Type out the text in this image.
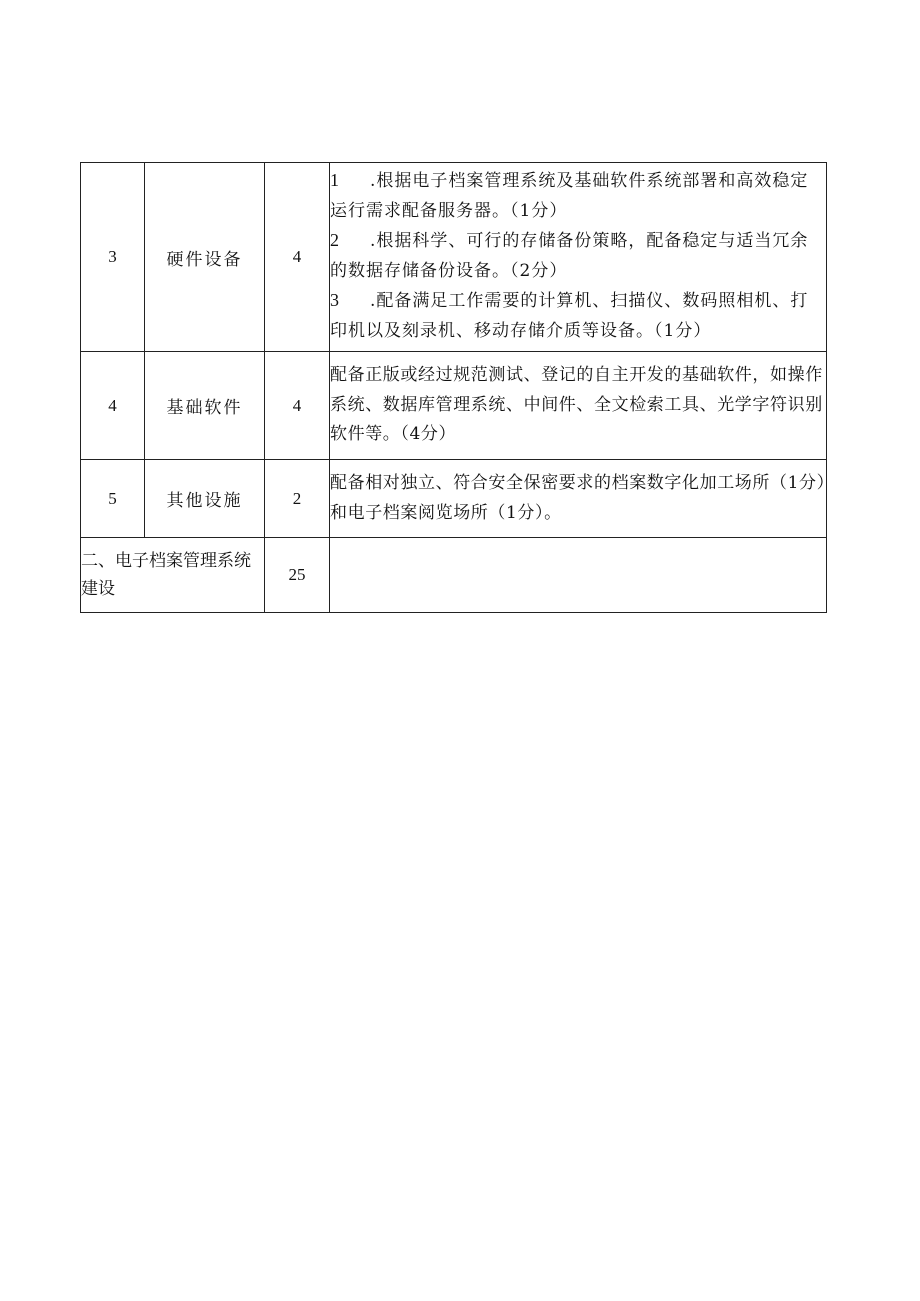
3	硬件设备	4	1 .根据电子档案管理系统及基础软件系统部署和高效稳定运行需求配备服务器。（1分）
2 .根据科学、可行的存储备份策略，配备稳定与适当冗余的数据存储备份设备。（2分）
3 .配备满足工作需要的计算机、扫描仪、数码照相机、打印机以及刻录机、移动存储介质等设备。（1分）

4	基础软件	4	配备正版或经过规范测试、登记的自主开发的基础软件，如操作系统、数据库管理系统、中间件、全文检索工具、光学字符识别软件等。（4分）
5	其他设施	2	配备相对独立、符合安全保密要求的档案数字化加工场所（1分）和电子档案阅览场所（1分）。
二、电子档案管理系统建设		25	
